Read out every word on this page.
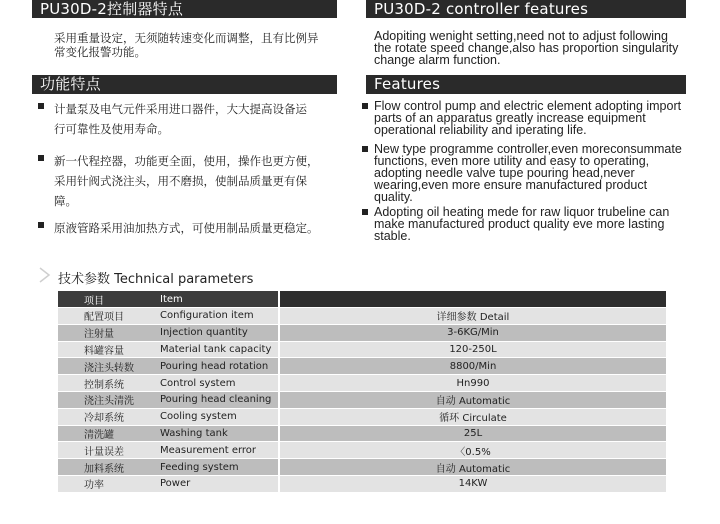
PU30D-2控制器特点	PU30D-2 controller features
采用重量设定，无须随转速变化而调整，且有比例异
常变化报警功能。
Adopiting wenight setting,need not to adjust following
the rotate speed change,also has proportion singularity
change alarm function.
功能特点	Features
计量泵及电气元件采用进口器件，大大提高设备运
行可靠性及使用寿命。
新一代程控器，功能更全面，使用，操作也更方便，
采用针阀式浇注头，用不磨损，使制品质量更有保
障。
原液管路采用油加热方式，可使用制品质量更稳定。
Flow control pump and electric element adopting import
parts of an apparatus greatly increase equipment
operational reliability and iperating life.
New type programme controller,even moreconsummate
functions, even more utility and easy to operating,
adopting needle valve tupe pouring head,never
wearing,even more ensure manufactured product
quality.
Adopting oil heating mede for raw liquor trubeline can
make manufactured product quality eve more lasting
stable.
技术参数 Technical parameters
项目	Item	
配置项目	Configuration item	详细参数 Detail
注射量	Injection quantity	3-6KG/Min
料罐容量	Material tank capacity	120-250L
浇注头转数	Pouring head rotation	8800/Min
控制系统	Control system	Hn990
浇注头清洗	Pouring head cleaning	自动 Automatic
冷却系统	Cooling system	循环 Circulate
清洗罐	Washing tank	25L
计量误差	Measurement error	〈0.5%
加料系统	Feeding system	自动 Automatic
功率	Power	14KW
